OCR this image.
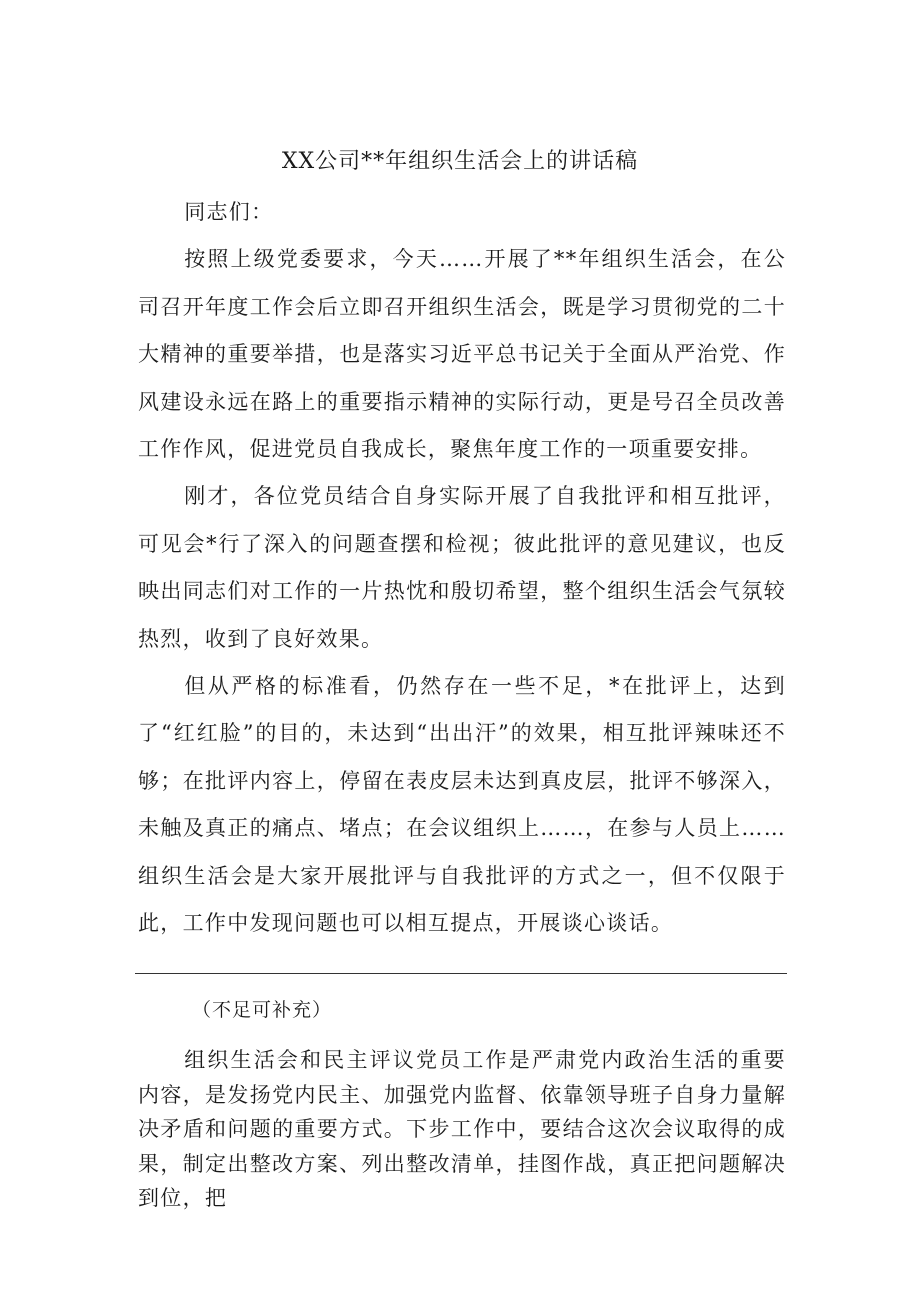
XX公司**年组织生活会上的讲话稿

同志们：

按照上级党委要求，今天……开展了**年组织生活会，在公司召开年度工作会后立即召开组织生活会，既是学习贯彻党的二十大精神的重要举措，也是落实习近平总书记关于全面从严治党、作风建设永远在路上的重要指示精神的实际行动，更是号召全员改善工作作风，促进党员自我成长，聚焦年度工作的一项重要安排。

刚才，各位党员结合自身实际开展了自我批评和相互批评，可见会*行了深入的问题查摆和检视；彼此批评的意见建议，也反映出同志们对工作的一片热忱和殷切希望，整个组织生活会气氛较热烈，收到了良好效果。

但从严格的标准看，仍然存在一些不足，*在批评上，达到了“红红脸”的目的，未达到“出出汗”的效果，相互批评辣味还不够；在批评内容上，停留在表皮层未达到真皮层，批评不够深入，未触及真正的痛点、堵点；在会议组织上……，在参与人员上……组织生活会是大家开展批评与自我批评的方式之一，但不仅限于此，工作中发现问题也可以相互提点，开展谈心谈话。

（不足可补充）

组织生活会和民主评议党员工作是严肃党内政治生活的重要内容，是发扬党内民主、加强党内监督、依靠领导班子自身力量解决矛盾和问题的重要方式。下步工作中，要结合这次会议取得的成果，制定出整改方案、列出整改清单，挂图作战，真正把问题解决到位，把
